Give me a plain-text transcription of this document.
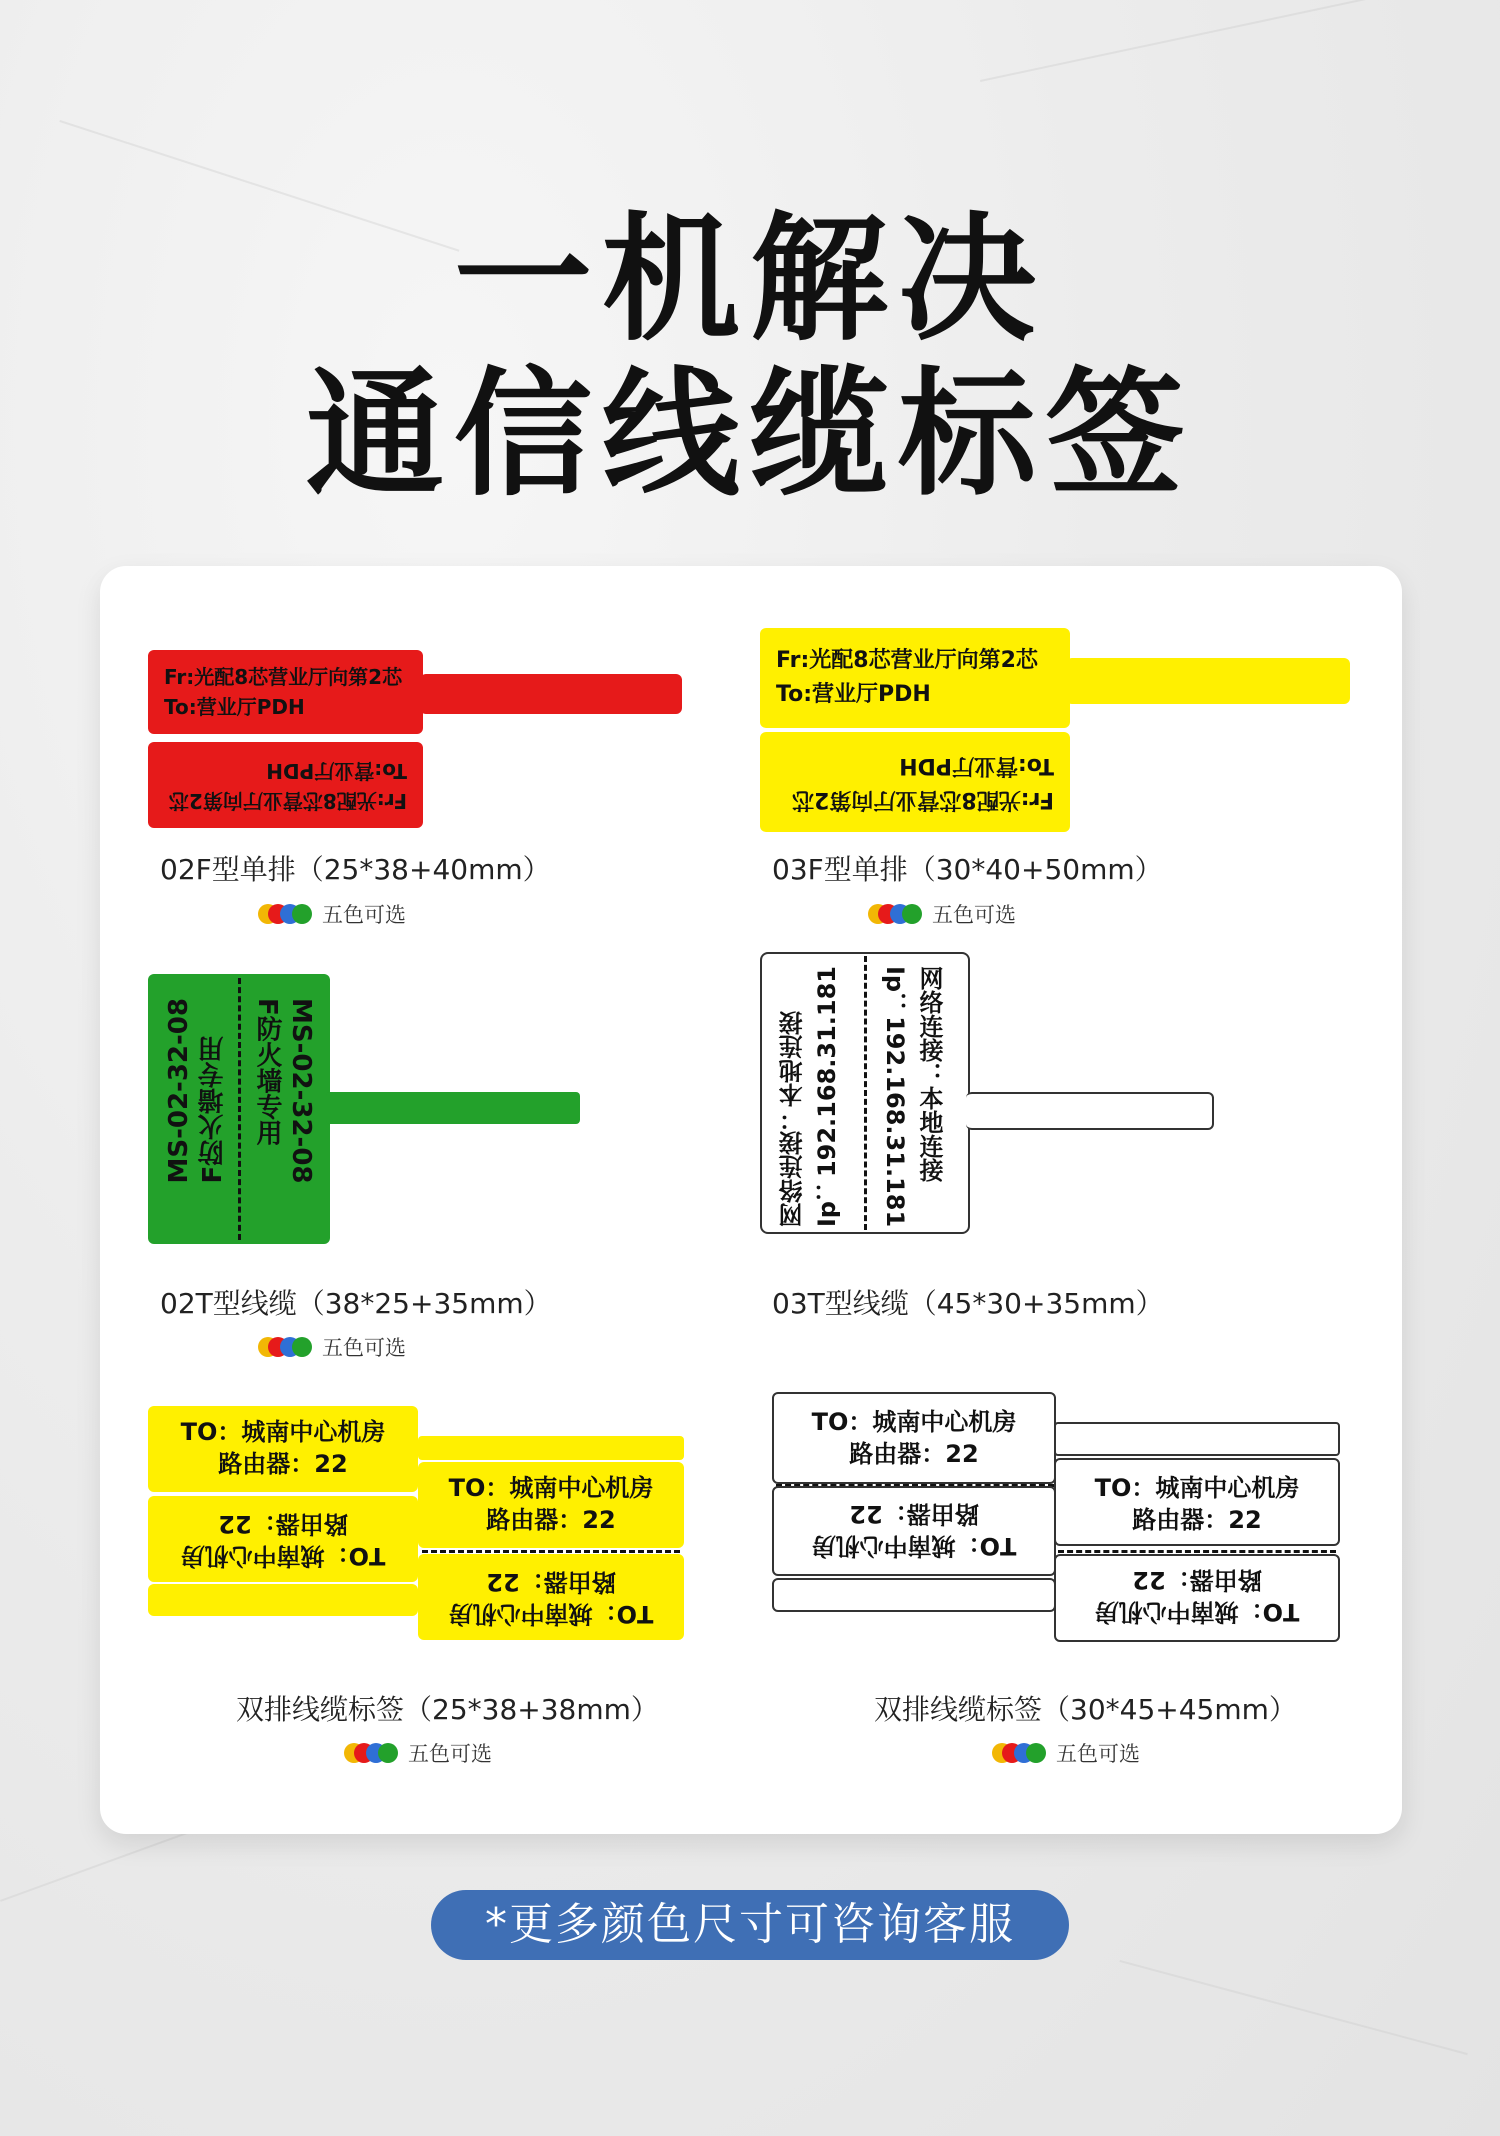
一机解决
通信线缆标签
Fr:光配8芯营业厅向第2芯
To:营业厅PDH
Fr:光配8芯营业厅向第2芯
To:营业厅PDH
02F型单排（25*38+40mm）
五色可选
Fr:光配8芯营业厅向第2芯
To:营业厅PDH
Fr:光配8芯营业厅向第2芯
To:营业厅PDH
03F型单排（30*40+50mm）
五色可选
MS-02-32-08 F防火墙专用	MS-02-32-08
F防火墙专用
02T型线缆（38*25+35mm）
五色可选
网络连接：本地连接 Ip：192.168.31.181	网络连接：本地连接
Ip：192.168.31.181
03T型线缆（45*30+35mm）
TO：城南中心机房
路由器：22
TO：城南中心机房
路由器：22
TO：城南中心机房
路由器：22
TO：城南中心机房
路由器：22
双排线缆标签（25*38+38mm）
五色可选
TO：城南中心机房
路由器：22
TO：城南中心机房
路由器：22
TO：城南中心机房
路由器：22
TO：城南中心机房
路由器：22
双排线缆标签（30*45+45mm）
五色可选
*更多颜色尺寸可咨询客服
